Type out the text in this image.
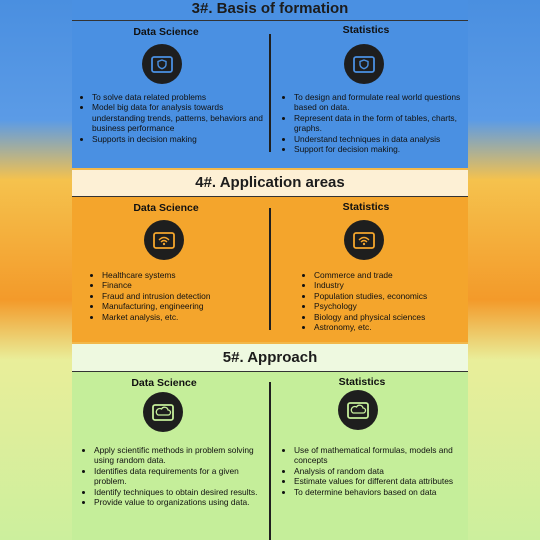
3#. Basis of formation
Data Science	Statistics
• To solve data related problems
• Model big data for analysis towards understanding trends, patterns, behaviors and business performance
• Supports in decision making
• To design and formulate real world questions based on data.
• Represent data in the form of tables, charts, graphs.
• Understand techniques in data analysis
• Support for decision making.
4#. Application areas
Data Science	Statistics
• Healthcare systems
• Finance
• Fraud and intrusion detection
• Manufacturing, engineering
• Market analysis, etc.
• Commerce and trade
• Industry
• Population studies, economics
• Psychology
• Biology and physical sciences
• Astronomy, etc.
5#. Approach
Data Science	Statistics
• Apply scientific methods in problem solving using random data.
• Identifies data requirements for a given problem.
• Identify techniques to obtain desired results.
• Provide value to organizations using data.
• Use of mathematical formulas, models and concepts
• Analysis of random data
• Estimate values for different data attributes
• To determine behaviors based on data
